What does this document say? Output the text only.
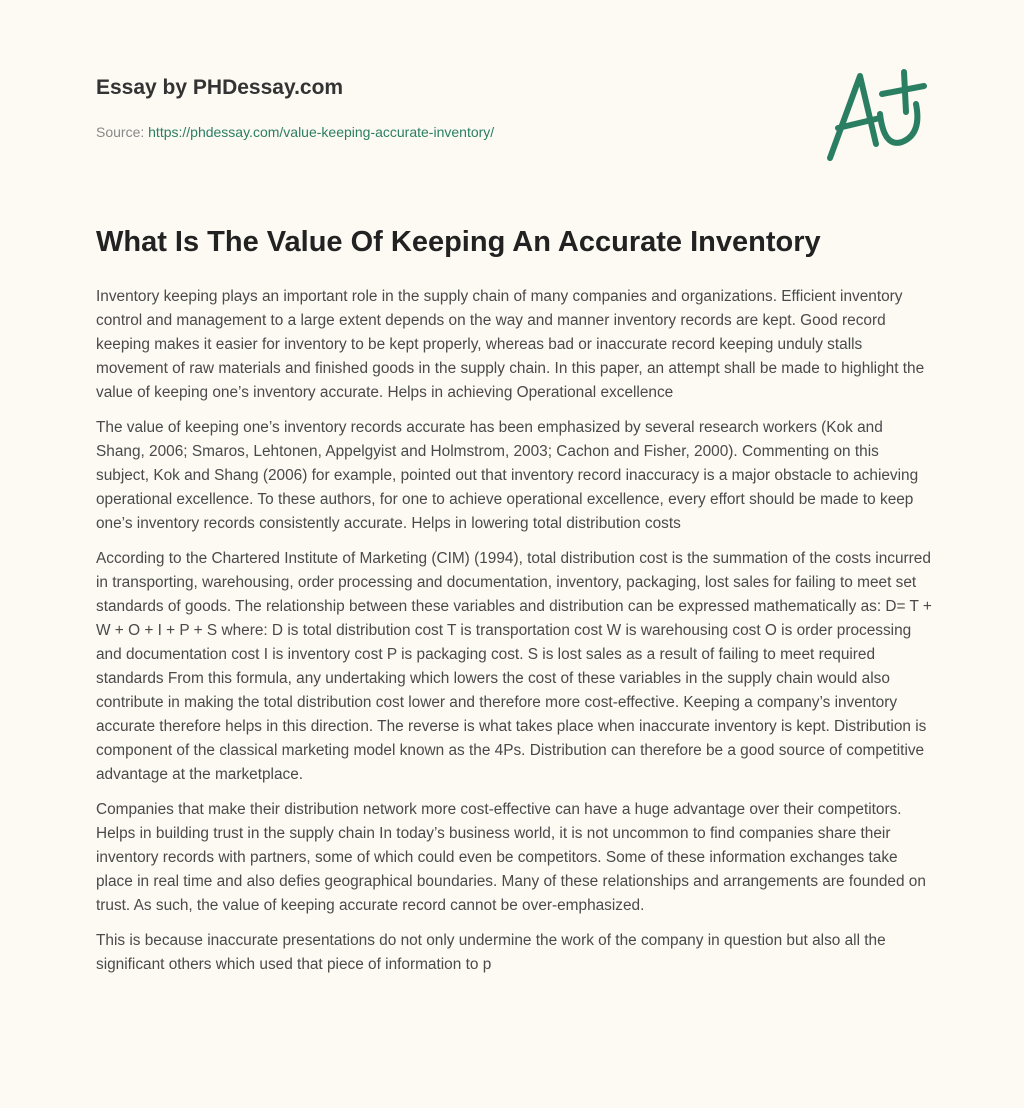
Essay by PHDessay.com
Source: https://phdessay.com/value-keeping-accurate-inventory/
What Is The Value Of Keeping An Accurate Inventory

Inventory keeping plays an important role in the supply chain of many companies and organizations. Efficient inventory control and management to a large extent depends on the way and manner inventory records are kept. Good record keeping makes it easier for inventory to be kept properly, whereas bad or inaccurate record keeping unduly stalls movement of raw materials and finished goods in the supply chain. In this paper, an attempt shall be made to highlight the value of keeping one’s inventory accurate. Helps in achieving Operational excellence

The value of keeping one’s inventory records accurate has been emphasized by several research workers (Kok and Shang, 2006; Smaros, Lehtonen, Appelgyist and Holmstrom, 2003; Cachon and Fisher, 2000). Commenting on this subject, Kok and Shang (2006) for example, pointed out that inventory record inaccuracy is a major obstacle to achieving operational excellence. To these authors, for one to achieve operational excellence, every effort should be made to keep one’s inventory records consistently accurate. Helps in lowering total distribution costs

According to the Chartered Institute of Marketing (CIM) (1994), total distribution cost is the summation of the costs incurred in transporting, warehousing, order processing and documentation, inventory, packaging, lost sales for failing to meet set standards of goods. The relationship between these variables and distribution can be expressed mathematically as: D= T + W + O + I + P + S where: D is total distribution cost T is transportation cost W is warehousing cost O is order processing and documentation cost I is inventory cost P is packaging cost. S is lost sales as a result of failing to meet required standards From this formula, any undertaking which lowers the cost of these variables in the supply chain would also contribute in making the total distribution cost lower and therefore more cost-effective. Keeping a company’s inventory accurate therefore helps in this direction. The reverse is what takes place when inaccurate inventory is kept. Distribution is component of the classical marketing model known as the 4Ps. Distribution can therefore be a good source of competitive advantage at the marketplace.

Companies that make their distribution network more cost-effective can have a huge advantage over their competitors. Helps in building trust in the supply chain In today’s business world, it is not uncommon to find companies share their inventory records with partners, some of which could even be competitors. Some of these information exchanges take place in real time and also defies geographical boundaries. Many of these relationships and arrangements are founded on trust. As such, the value of keeping accurate record cannot be over-emphasized.

This is because inaccurate presentations do not only undermine the work of the company in question but also all the significant others which used that piece of information to p
